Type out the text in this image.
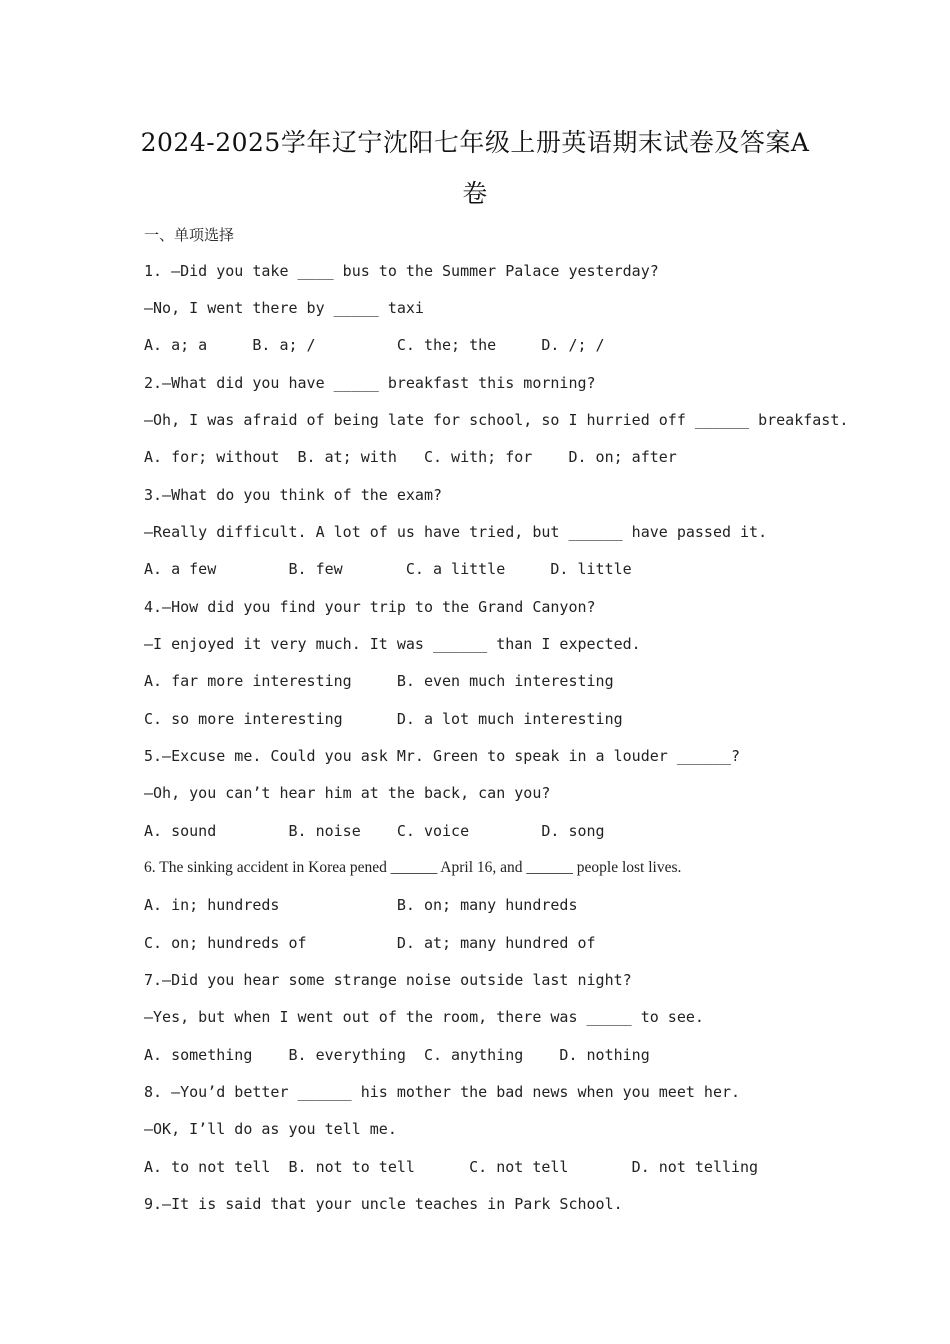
2024-2025学年辽宁沈阳七年级上册英语期末试卷及答案A
卷
一、单项选择
1. —Did you take ____ bus to the Summer Palace yesterday?
—No, I went there by _____ taxi
A. a; a     B. a; /         C. the; the     D. /; /
2.—What did you have _____ breakfast this morning?
—Oh, I was afraid of being late for school, so I hurried off ______ breakfast.
A. for; without  B. at; with   C. with; for    D. on; after
3.—What do you think of the exam?
—Really difficult. A lot of us have tried, but ______ have passed it.
A. a few        B. few       C. a little     D. little
4.—How did you find your trip to the Grand Canyon?
—I enjoyed it very much. It was ______ than I expected.
A. far more interesting     B. even much interesting
C. so more interesting      D. a lot much interesting
5.—Excuse me. Could you ask Mr. Green to speak in a louder ______?
—Oh, you can’t hear him at the back, can you?
A. sound        B. noise    C. voice        D. song
6. The sinking accident in Korea pened ______ April 16, and ______ people lost lives.
A. in; hundreds             B. on; many hundreds
C. on; hundreds of          D. at; many hundred of
7.—Did you hear some strange noise outside last night?
—Yes, but when I went out of the room, there was _____ to see.
A. something    B. everything  C. anything    D. nothing
8. —You’d better ______ his mother the bad news when you meet her.
—OK, I’ll do as you tell me.
A. to not tell  B. not to tell      C. not tell       D. not telling
9.—It is said that your uncle teaches in Park School.
